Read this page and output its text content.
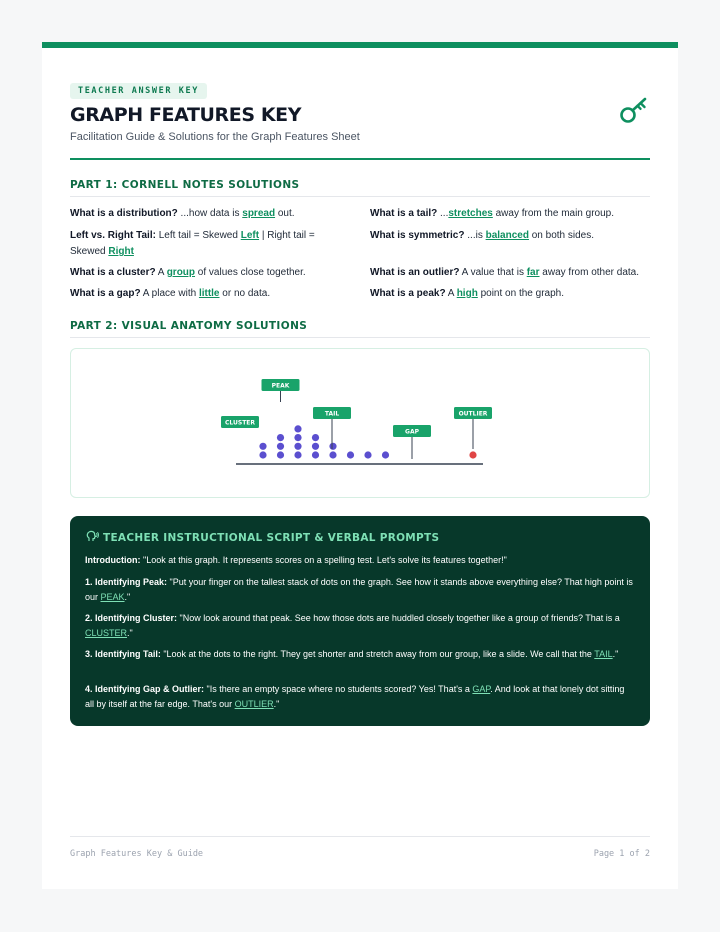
TEACHER ANSWER KEY
GRAPH FEATURES KEY
Facilitation Guide & Solutions for the Graph Features Sheet
PART 1: CORNELL NOTES SOLUTIONS
What is a distribution? ...how data is spread out.	What is a tail? ...stretches away from the main group.
Left vs. Right Tail: Left tail = Skewed Left | Right tail = Skewed Right
What is symmetric? ...is balanced on both sides.
What is a cluster? A group of values close together.	What is an outlier? A value that is far away from other data.
What is a gap? A place with little or no data.	What is a peak? A high point on the graph.
PART 2: VISUAL ANATOMY SOLUTIONS
PEAK
CLUSTER
TAIL
GAP
OUTLIER
TEACHER INSTRUCTIONAL SCRIPT & VERBAL PROMPTS
Introduction: "Look at this graph. It represents scores on a spelling test. Let's solve its features together!"
1. Identifying Peak: "Put your finger on the tallest stack of dots on the graph. See how it stands above everything else? That high point is our PEAK."
2. Identifying Cluster: "Now look around that peak. See how those dots are huddled closely together like a group of friends? That is a CLUSTER."
3. Identifying Tail: "Look at the dots to the right. They get shorter and stretch away from our group, like a slide. We call that the TAIL."
4. Identifying Gap & Outlier: "Is there an empty space where no students scored? Yes! That's a GAP. And look at that lonely dot sitting all by itself at the far edge. That's our OUTLIER."
Graph Features Key & Guide	Page 1 of 2
